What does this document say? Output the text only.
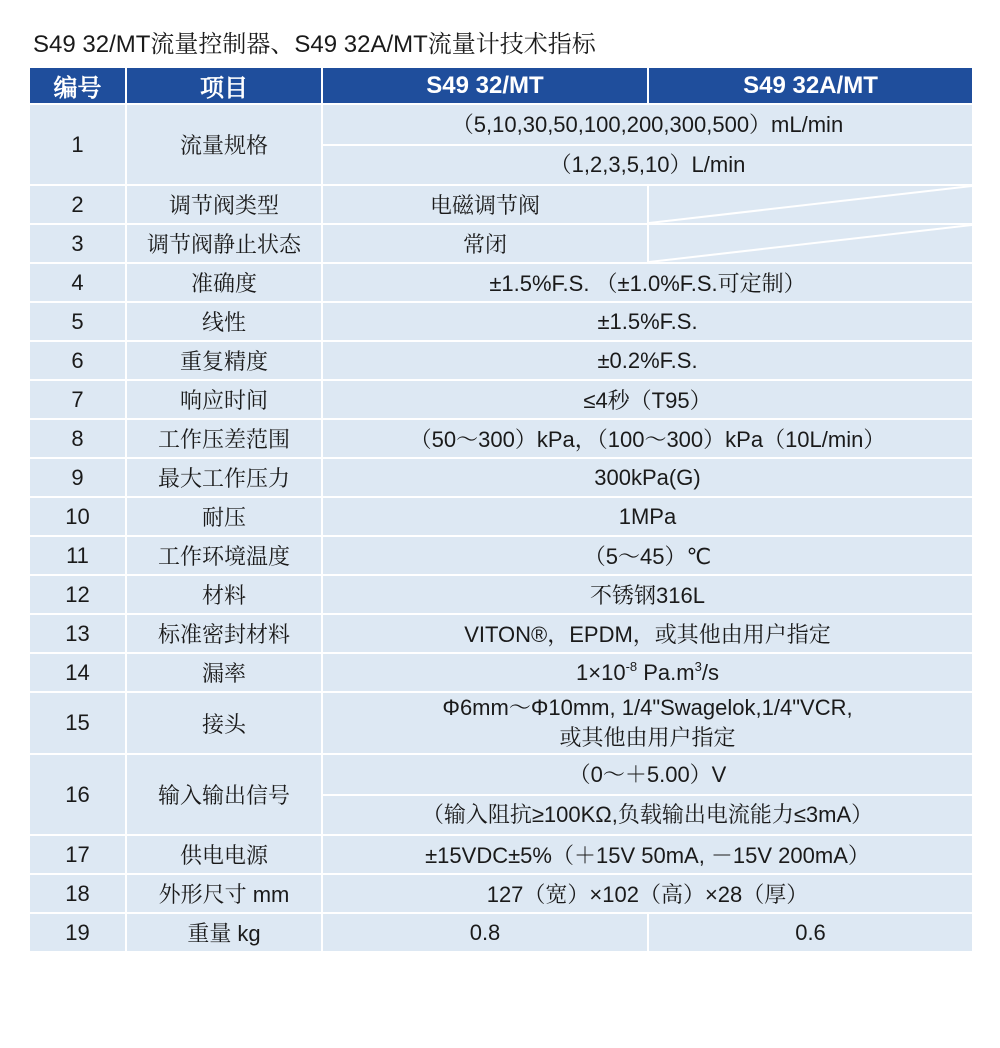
S49 32/MT流量控制器、S49 32A/MT流量计技术指标
编号	项目	S49 32/MT	S49 32A/MT
1	流量规格	（5,10,30,50,100,200,300,500）mL/min
（1,2,3,5,10）L/min	

2	调节阀类型	电磁调节阀	

3	调节阀静止状态	常闭	

4	准确度	±1.5%F.S. （±1.0%F.S.可定制）	
5	线性	±1.5%F.S.	
6	重复精度	±0.2%F.S.	
7	响应时间	≤4秒（T95）	
8	工作压差范围	（50～300）kPa，（100～300）kPa（10L/min）	
9	最大工作压力	300kPa(G)	
10	耐压	1MPa	
11	工作环境温度	（5～45）℃	
12	材料	不锈钢316L	
13	标准密封材料	VITON®，EPDM，或其他由用户指定	
14	漏率	$1\times 10^{-8}$ $Pa.m^3/s$	
15	接头	Φ6mm～Φ10mm, 1/4"Swagelok,1/4"VCR,
或其他由用户指定	

16	输入输出信号	（0～＋5.00）V
（输入阻抗≥100KΩ,负载输出电流能力≤3mA）	

17	供电电源	±15VDC±5%（＋15V 50mA, －15V 200mA）	
18	外形尺寸 mm	127（宽）×102（高）×28（厚）	
19	重量 kg	0.8	0.6
